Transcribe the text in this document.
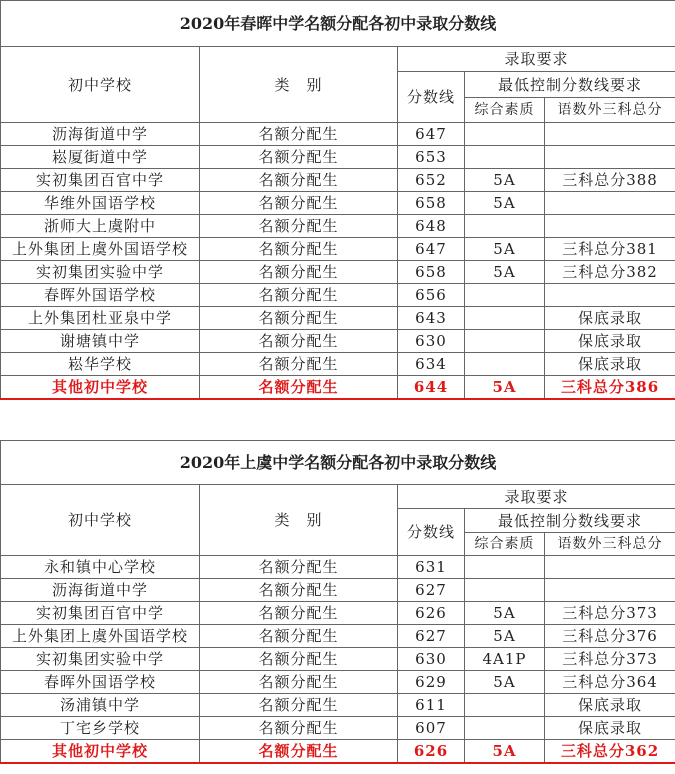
2020年春晖中学名额分配各初中录取分数线				
初中学校	类　别	录取要求		
		分数线	最低控制分数线要求	
			综合素质	语数外三科总分
沥海街道中学	名额分配生	647		
崧厦街道中学	名额分配生	653		
实初集团百官中学	名额分配生	652	5A	三科总分388
华维外国语学校	名额分配生	658	5A	
浙师大上虞附中	名额分配生	648		
上外集团上虞外国语学校	名额分配生	647	5A	三科总分381
实初集团实验中学	名额分配生	658	5A	三科总分382
春晖外国语学校	名额分配生	656		
上外集团杜亚泉中学	名额分配生	643		保底录取
谢塘镇中学	名额分配生	630		保底录取
崧华学校	名额分配生	634		保底录取
其他初中学校	名额分配生	644	5A	三科总分386
2020年上虞中学名额分配各初中录取分数线				
初中学校	类　别	录取要求		
		分数线	最低控制分数线要求	
			综合素质	语数外三科总分
永和镇中心学校	名额分配生	631		
沥海街道中学	名额分配生	627		
实初集团百官中学	名额分配生	626	5A	三科总分373
上外集团上虞外国语学校	名额分配生	627	5A	三科总分376
实初集团实验中学	名额分配生	630	4A1P	三科总分373
春晖外国语学校	名额分配生	629	5A	三科总分364
汤浦镇中学	名额分配生	611		保底录取
丁宅乡学校	名额分配生	607		保底录取
其他初中学校	名额分配生	626	5A	三科总分362
